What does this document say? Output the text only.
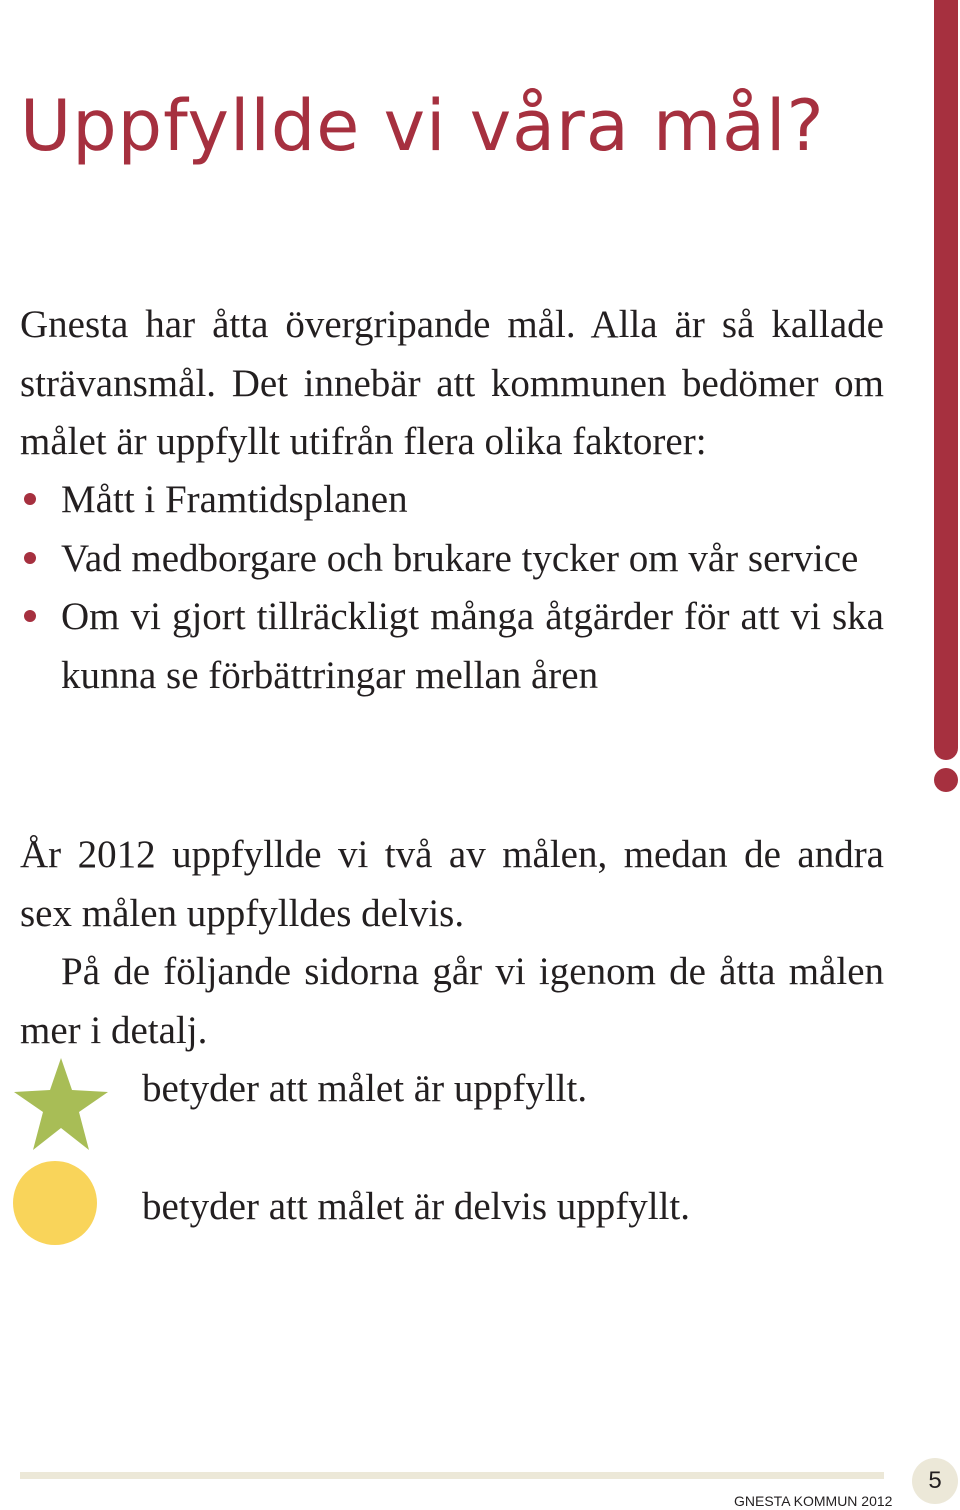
Uppfyllde vi våra mål?

Gnesta har åtta övergripande mål. Alla är så kallade strävansmål. Det innebär att kommunen bedömer om målet är uppfyllt utifrån flera olika faktorer:

Mått i Framtidsplanen
Vad medborgare och brukare tycker om vår service
Om vi gjort tillräckligt många åtgärder för att vi ska kunna se förbättringar mellan åren

År 2012 uppfyllde vi två av målen, medan de andra sex målen uppfylldes delvis.

På de följande sidorna går vi igenom de åtta målen mer i detalj.

betyder att målet är uppfyllt.
betyder att målet är delvis uppfyllt.
GNESTA KOMMUN 2012
5
